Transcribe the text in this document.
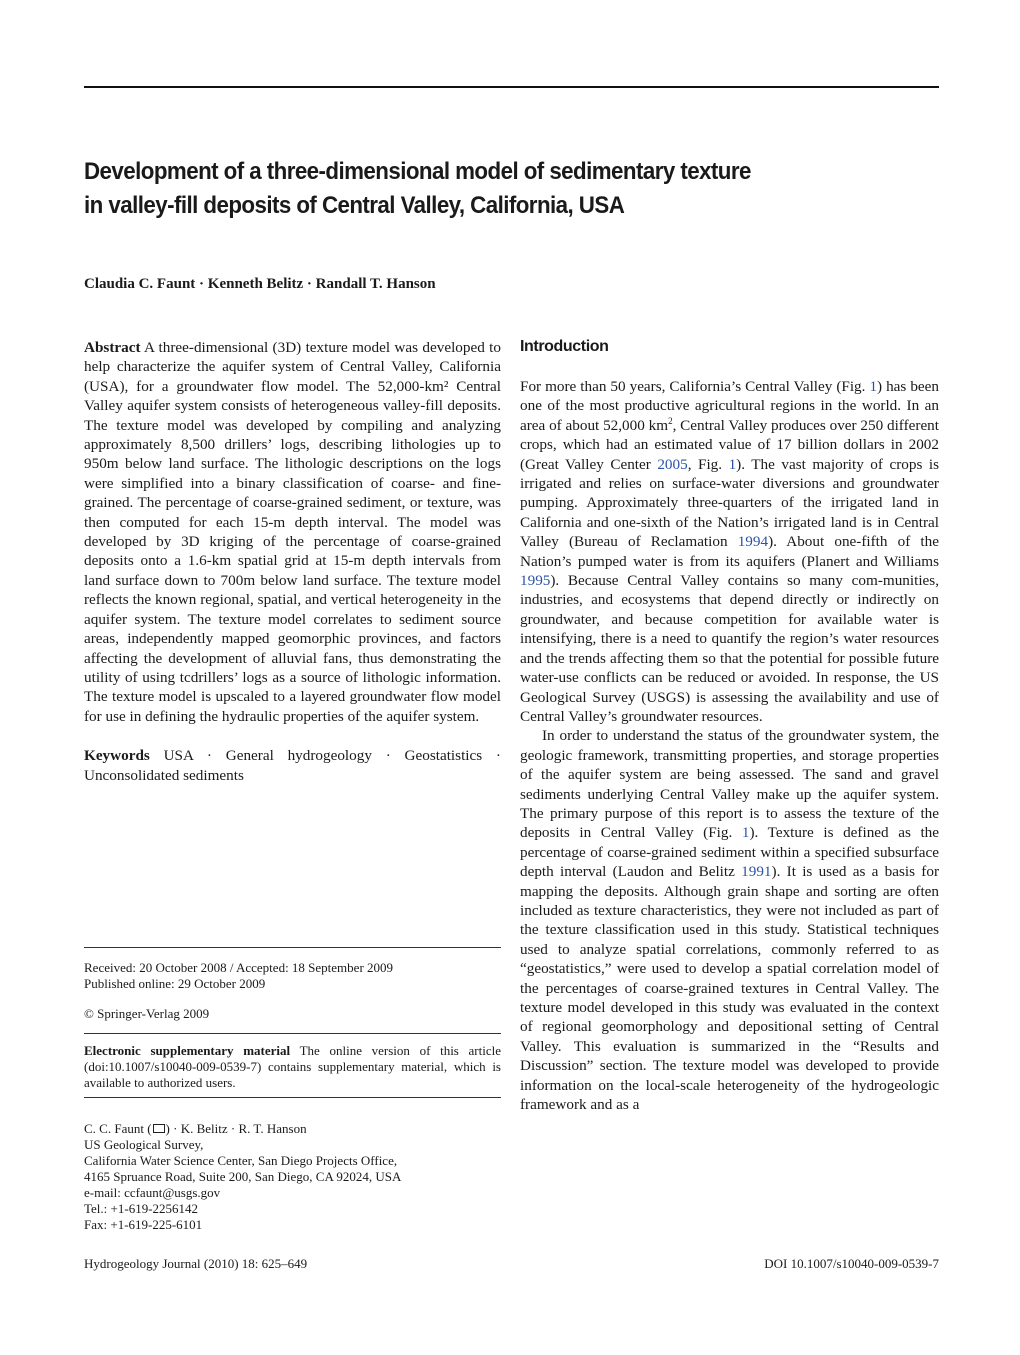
Development of a three-dimensional model of sedimentary texture
in valley-fill deposits of Central Valley, California, USA

Claudia C. Faunt · Kenneth Belitz · Randall T. Hanson

Abstract A three-dimensional (3D) texture model was developed to help characterize the aquifer system of Central Valley, California (USA), for a groundwater flow model. The 52,000-km² Central Valley aquifer system consists of heterogeneous valley-fill deposits. The texture model was developed by compiling and analyzing approximately 8,500 drillers’ logs, describing lithologies up to 950m below land surface. The lithologic descriptions on the logs were simplified into a binary classification of coarse- and fine-grained. The percentage of coarse-grained sediment, or texture, was then computed for each 15-m depth interval. The model was developed by 3D kriging of the percentage of coarse-grained deposits onto a 1.6-km spatial grid at 15-m depth intervals from land surface down to 700m below land surface. The texture model reflects the known regional, spatial, and vertical heterogeneity in the aquifer system. The texture model correlates to sediment source areas, independently mapped geomorphic provinces, and factors affecting the development of alluvial fans, thus demonstrating the utility of using tcdrillers’ logs as a source of lithologic information. The texture model is upscaled to a layered groundwater flow model for use in defining the hydraulic properties of the aquifer system.

Keywords USA · General hydrogeology · Geostatistics · Unconsolidated sediments

Received: 20 October 2008 / Accepted: 18 September 2009
Published online: 29 October 2009

© Springer-Verlag 2009

Electronic supplementary material The online version of this article (doi:10.1007/s10040-009-0539-7) contains supplementary material, which is available to authorized users.

C. C. Faunt ( ) · K. Belitz · R. T. Hanson
US Geological Survey,
California Water Science Center, San Diego Projects Office,
4165 Spruance Road, Suite 200, San Diego, CA 92024, USA
e-mail: ccfaunt@usgs.gov
Tel.: +1-619-2256142
Fax: +1-619-225-6101

Introduction

For more than 50 years, California’s Central Valley (Fig. 1) has been one of the most productive agricultural regions in the world. In an area of about 52,000 $km^2$, Central Valley produces over 250 different crops, which had an estimated value of 17 billion dollars in 2002 (Great Valley Center 2005, Fig. 1). The vast majority of crops is irrigated and relies on surface-water diversions and groundwater pumping. Approximately three-quarters of the irrigated land in California and one-sixth of the Nation’s irrigated land is in Central Valley (Bureau of Reclamation 1994). About one-fifth of the Nation’s pumped water is from its aquifers (Planert and Williams 1995). Because Central Valley contains so many com-munities, industries, and ecosystems that depend directly or indirectly on groundwater, and because competition for available water is intensifying, there is a need to quantify the region’s water resources and the trends affecting them so that the potential for possible future water-use conflicts can be reduced or avoided. In response, the US Geological Survey (USGS) is assessing the availability and use of Central Valley’s groundwater resources.

In order to understand the status of the groundwater system, the geologic framework, transmitting properties, and storage properties of the aquifer system are being assessed. The sand and gravel sediments underlying Central Valley make up the aquifer system. The primary purpose of this report is to assess the texture of the deposits in Central Valley (Fig. 1). Texture is defined as the percentage of coarse-grained sediment within a specified subsurface depth interval (Laudon and Belitz 1991). It is used as a basis for mapping the deposits. Although grain shape and sorting are often included as texture characteristics, they were not included as part of the texture classification used in this study. Statistical techniques used to analyze spatial correlations, commonly referred to as “geostatistics,” were used to develop a spatial correlation model of the percentages of coarse-grained textures in Central Valley. The texture model developed in this study was evaluated in the context of regional geomorphology and depositional setting of Central Valley. This evaluation is summarized in the “Results and Discussion” section. The texture model was developed to provide information on the local-scale heterogeneity of the hydrogeologic framework and as a

Hydrogeology Journal (2010) 18: 625–649	DOI 10.1007/s10040-009-0539-7
